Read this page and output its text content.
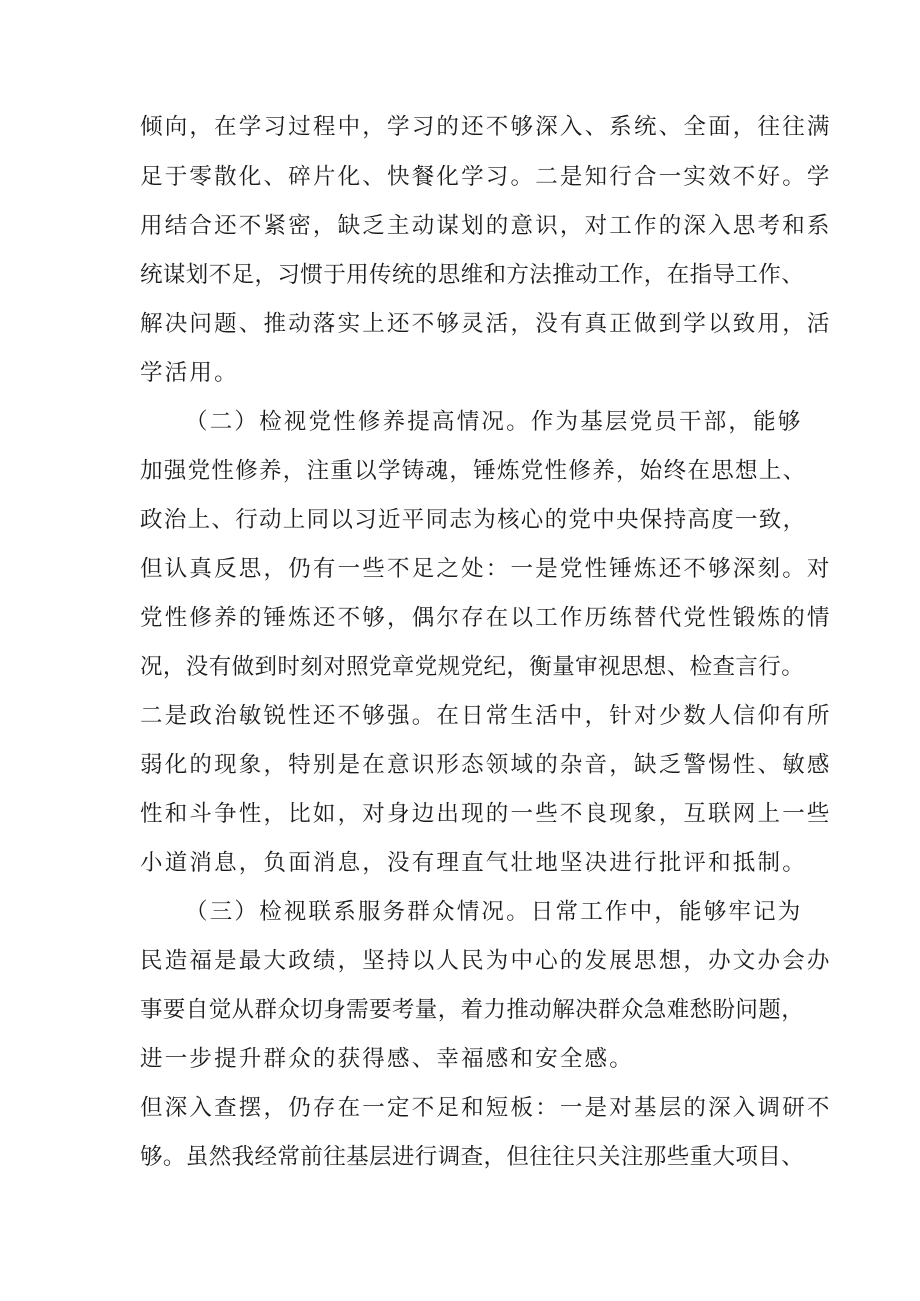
倾向，在学习过程中，学习的还不够深入、系统、全面，往往满

足于零散化、碎片化、快餐化学习。二是知行合一实效不好。学

用结合还不紧密，缺乏主动谋划的意识，对工作的深入思考和系

统谋划不足，习惯于用传统的思维和方法推动工作，在指导工作、

解决问题、推动落实上还不够灵活，没有真正做到学以致用，活

学活用。

（二）检视党性修养提高情况。作为基层党员干部，能够

加强党性修养，注重以学铸魂，锤炼党性修养，始终在思想上、

政治上、行动上同以习近平同志为核心的党中央保持高度一致，

但认真反思，仍有一些不足之处：一是党性锤炼还不够深刻。对

党性修养的锤炼还不够，偶尔存在以工作历练替代党性锻炼的情

况，没有做到时刻对照党章党规党纪，衡量审视思想、检查言行。

二是政治敏锐性还不够强。在日常生活中，针对少数人信仰有所

弱化的现象，特别是在意识形态领域的杂音，缺乏警惕性、敏感

性和斗争性，比如，对身边出现的一些不良现象，互联网上一些

小道消息，负面消息，没有理直气壮地坚决进行批评和抵制。

（三）检视联系服务群众情况。日常工作中，能够牢记为

民造福是最大政绩，坚持以人民为中心的发展思想，办文办会办

事要自觉从群众切身需要考量，着力推动解决群众急难愁盼问题，

进一步提升群众的获得感、幸福感和安全感。

但深入查摆，仍存在一定不足和短板：一是对基层的深入调研不

够。虽然我经常前往基层进行调查，但往往只关注那些重大项目、
